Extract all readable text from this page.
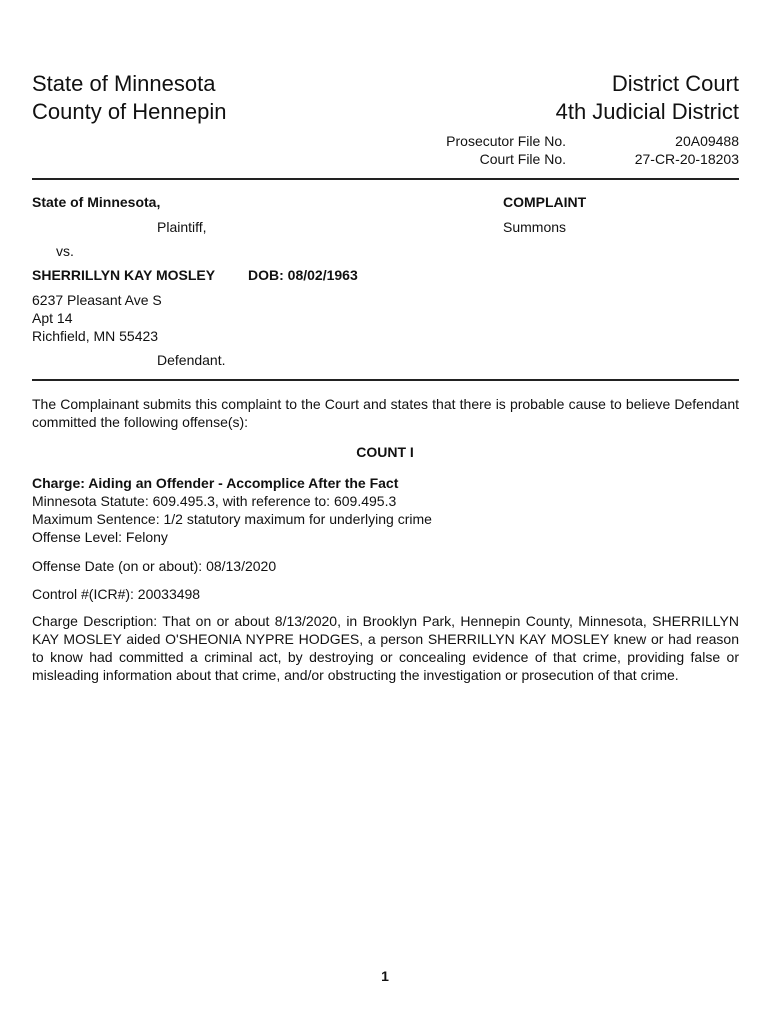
State of Minnesota
County of Hennepin
District Court
4th Judicial District
Prosecutor File No.	20A09488
Court File No.	27-CR-20-18203
State of Minnesota,
Plaintiff,
vs.
SHERRILLYN KAY MOSLEY DOB: 08/02/1963
6237 Pleasant Ave S
Apt 14
Richfield, MN 55423
Defendant.
COMPLAINT
Summons
The Complainant submits this complaint to the Court and states that there is probable cause to believe Defendant committed the following offense(s):
COUNT I
Charge: Aiding an Offender - Accomplice After the Fact
Minnesota Statute: 609.495.3, with reference to: 609.495.3
Maximum Sentence: 1/2 statutory maximum for underlying crime
Offense Level: Felony
Offense Date (on or about): 08/13/2020
Control #(ICR#): 20033498
Charge Description: That on or about 8/13/2020, in Brooklyn Park, Hennepin County, Minnesota, SHERRILLYN KAY MOSLEY aided O'SHEONIA NYPRE HODGES, a person SHERRILLYN KAY MOSLEY knew or had reason to know had committed a criminal act, by destroying or concealing evidence of that crime, providing false or misleading information about that crime, and/or obstructing the investigation or prosecution of that crime.
1
